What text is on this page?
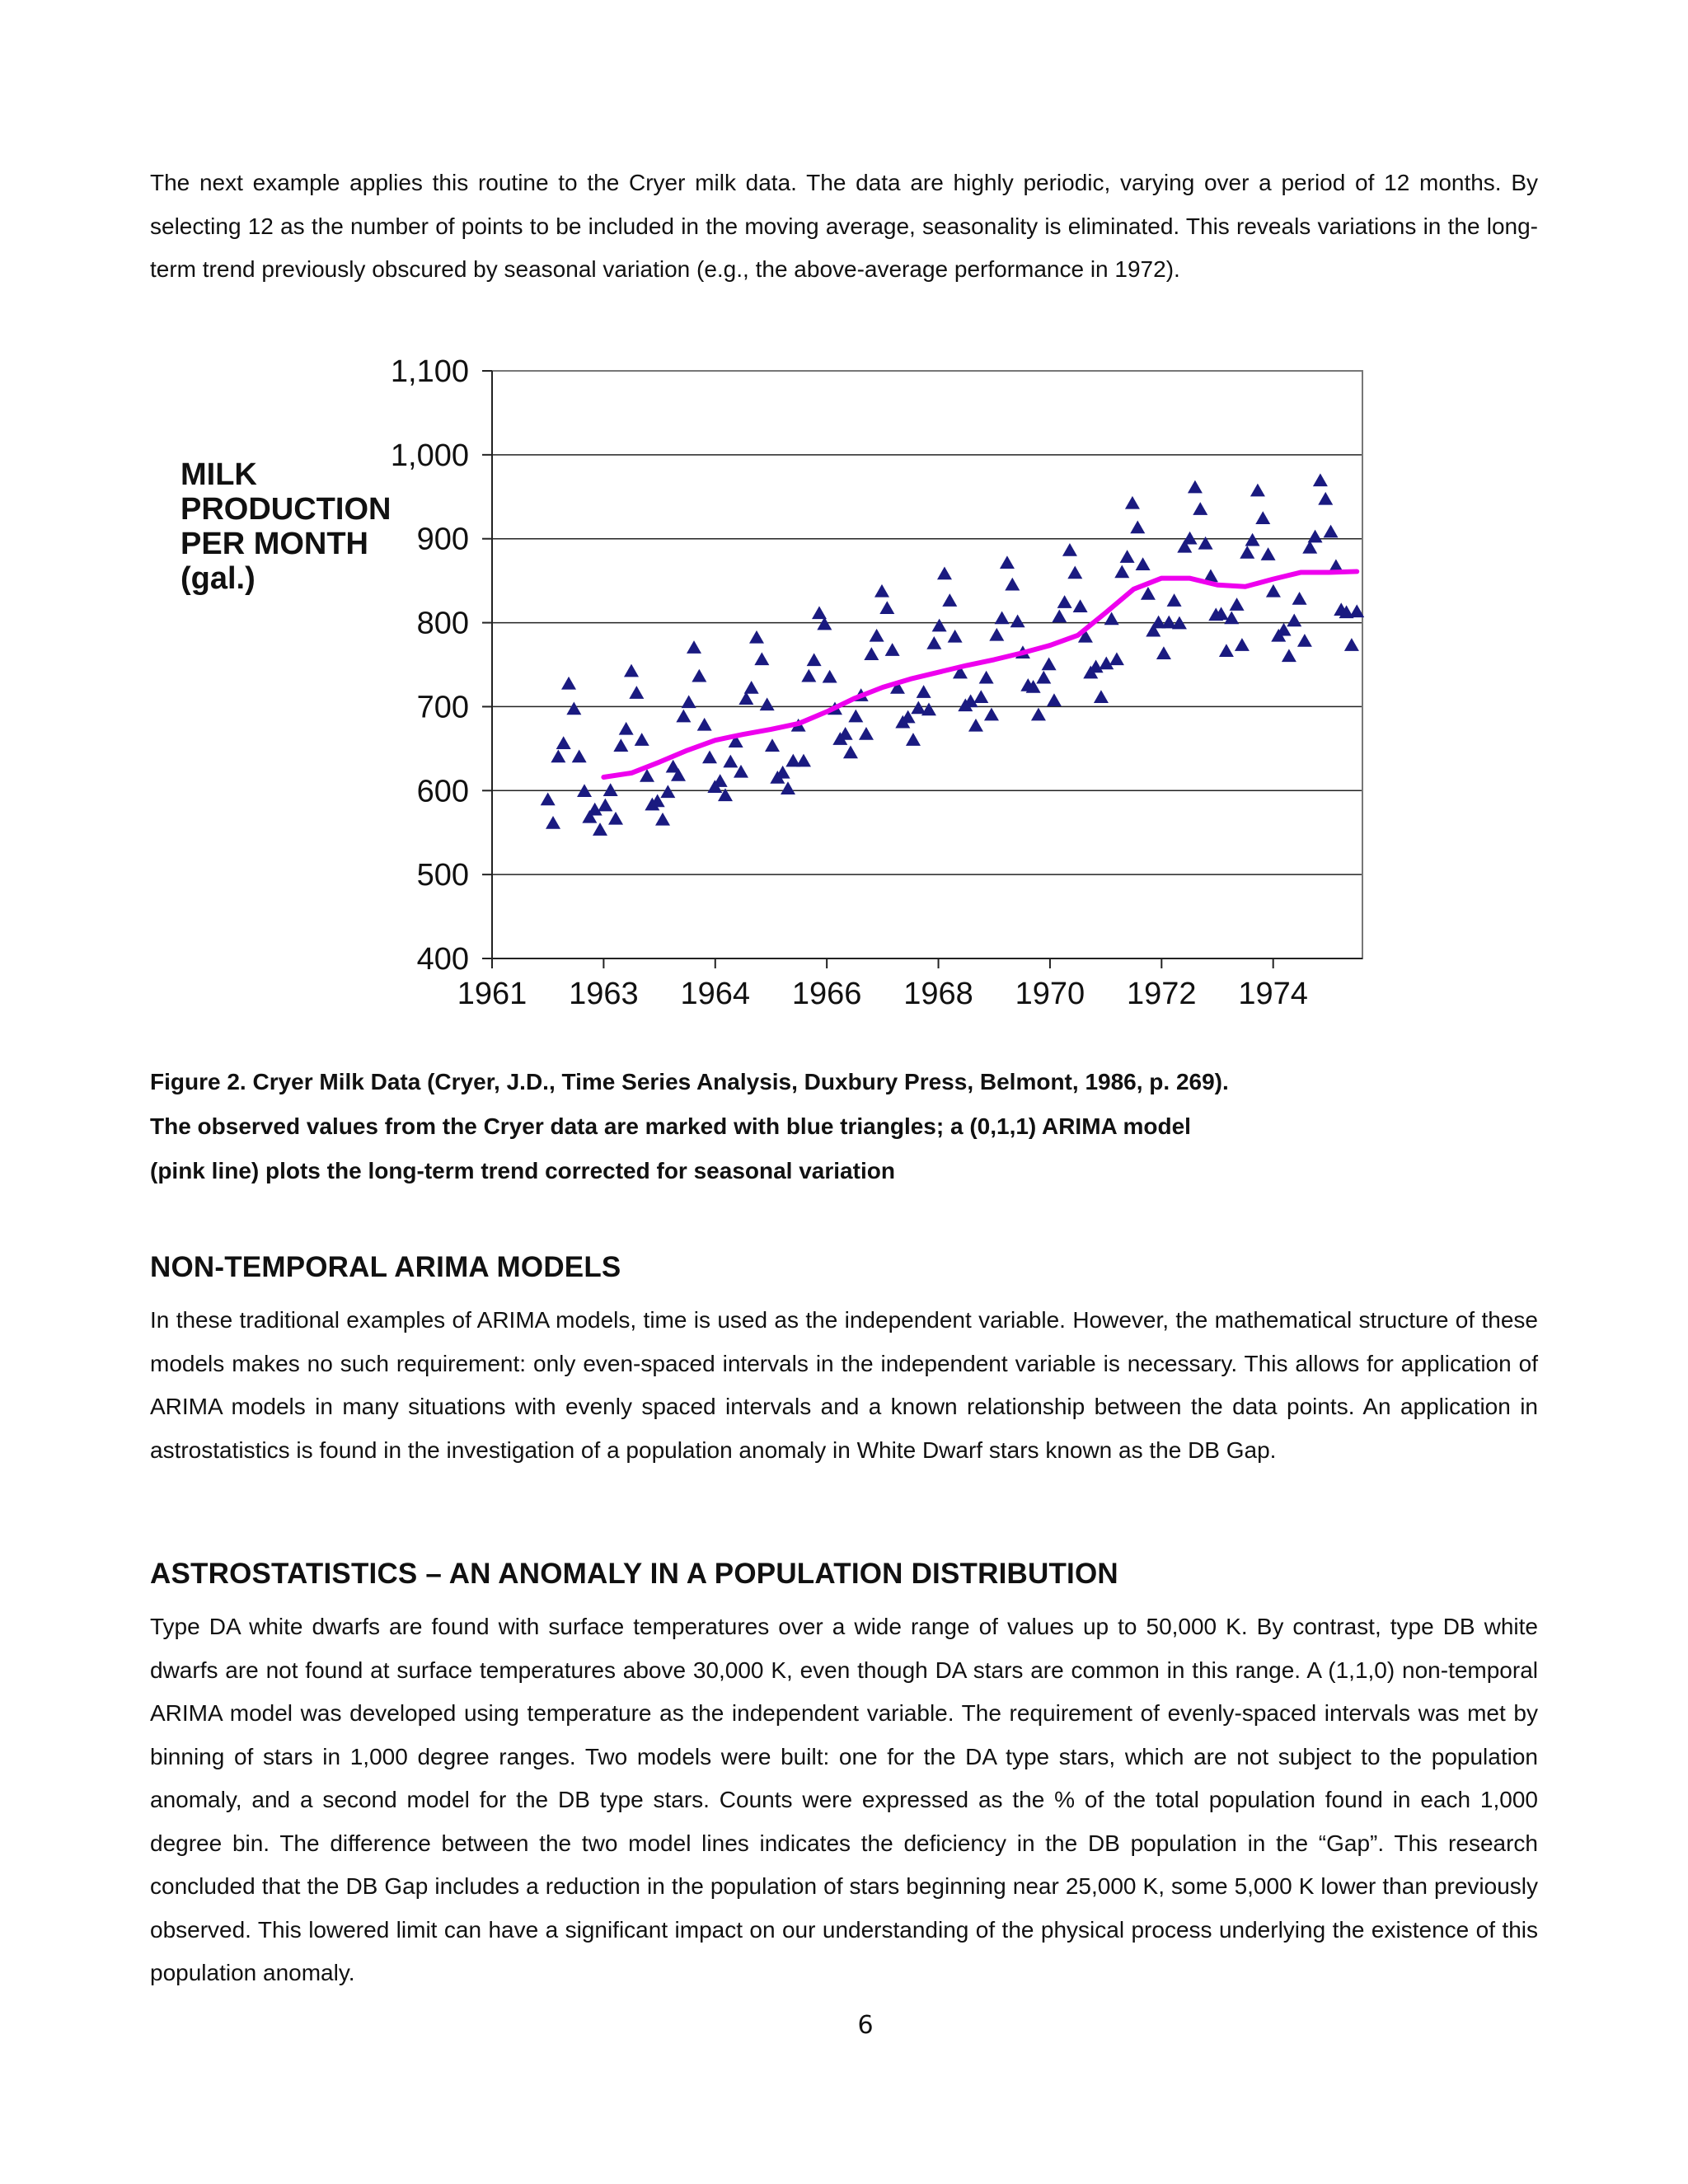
The next example applies this routine to the Cryer milk data. The data are highly periodic, varying over a period of 12 months. By selecting 12 as the number of points to be included in the moving average, seasonality is eliminated. This reveals variations in the long-term trend previously obscured by seasonal variation (e.g., the above-average performance in 1972).

MILK
PRODUCTION
PER MONTH
(gal.)
400
500
600
700
800
900
1,000
1,100
1961 1963 1964 1966 1968 1970 1972 1974
Figure 2. Cryer Milk Data (Cryer, J.D., Time Series Analysis, Duxbury Press, Belmont, 1986, p. 269).
The observed values from the Cryer data are marked with blue triangles; a (0,1,1) ARIMA model
(pink line) plots the long-term trend corrected for seasonal variation
NON-TEMPORAL ARIMA MODELS

In these traditional examples of ARIMA models, time is used as the independent variable. However, the mathematical structure of these models makes no such requirement: only even-spaced intervals in the independent variable is necessary. This allows for application of ARIMA models in many situations with evenly spaced intervals and a known relationship between the data points. An application in astrostatistics is found in the investigation of a population anomaly in White Dwarf stars known as the DB Gap.

ASTROSTATISTICS – AN ANOMALY IN A POPULATION DISTRIBUTION

Type DA white dwarfs are found with surface temperatures over a wide range of values up to 50,000 K. By contrast, type DB white dwarfs are not found at surface temperatures above 30,000 K, even though DA stars are common in this range. A (1,1,0) non-temporal ARIMA model was developed using temperature as the independent variable. The requirement of evenly-spaced intervals was met by binning of stars in 1,000 degree ranges. Two models were built: one for the DA type stars, which are not subject to the population anomaly, and a second model for the DB type stars. Counts were expressed as the % of the total population found in each 1,000 degree bin. The difference between the two model lines indicates the deficiency in the DB population in the “Gap”. This research concluded that the DB Gap includes a reduction in the population of stars beginning near 25,000 K, some 5,000 K lower than previously observed. This lowered limit can have a significant impact on our understanding of the physical process underlying the existence of this population anomaly.

6
